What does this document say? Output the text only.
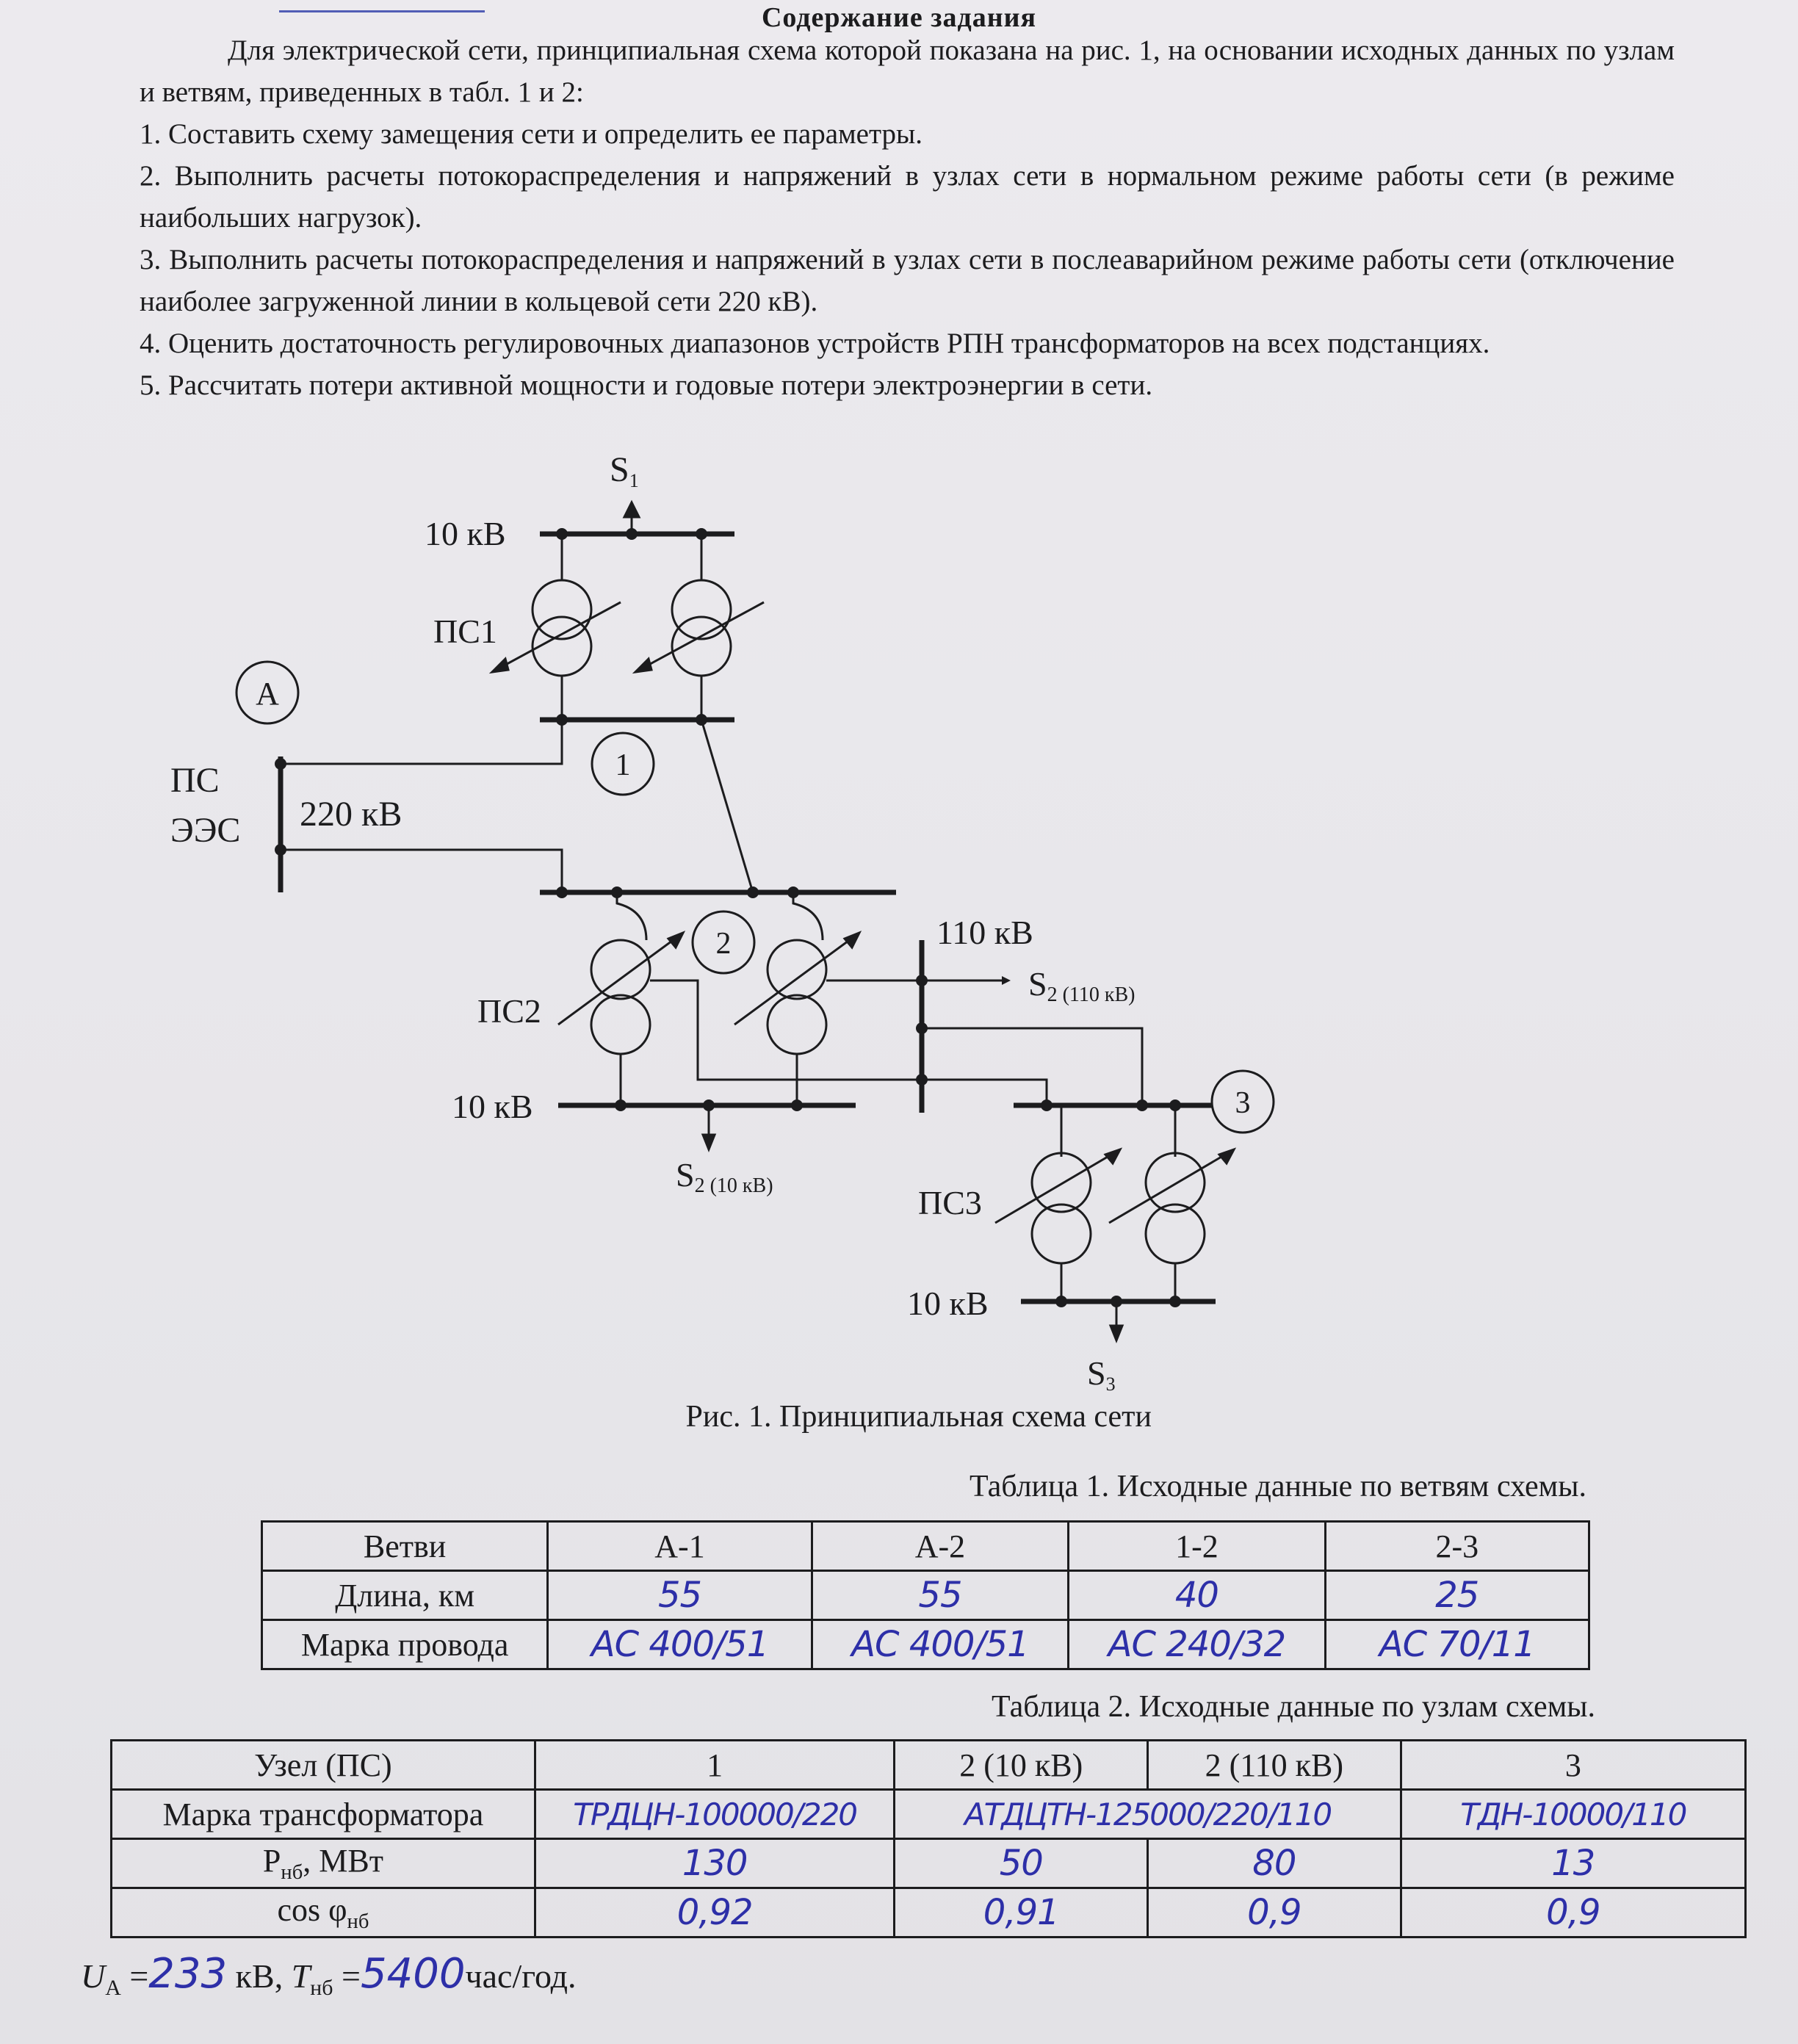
Содержание задания

Для электрической сети, принципиальная схема которой показана на рис. 1, на основании исходных данных по узлам и ветвям, приведенных в табл. 1 и 2:

1. Составить схему замещения сети и определить ее параметры.

2. Выполнить расчеты потокораспределения и напряжений в узлах сети в нормальном режиме работы сети (в режиме наибольших нагрузок).

3. Выполнить расчеты потокораспределения и напряжений в узлах сети в послеаварийном режиме работы сети (отключение наиболее загруженной линии в кольцевой сети 220 кВ).

4. Оценить достаточность регулировочных диапазонов устройств РПН трансформаторов на всех подстанциях.

5. Рассчитать потери активной мощности и годовые потери электроэнергии в сети.

S1
10 кВ
ПС1
А
1
2
3
ПС
ЭЭС 220 кВ
110 кВ
S2 (110 кВ)
ПС2
10 кВ
S2 (10 кВ)	ПС3
10 кВ
S3
Рис. 1. Принципиальная схема сети
Таблица 1. Исходные данные по ветвям схемы.
Ветви	А-1	А-2	1-2	2-3
Длина, км	55	55	40	25
Марка провода	АС 400/51	АС 400/51	АС 240/32	АС 70/11
Таблица 2. Исходные данные по узлам схемы.
Узел (ПС)	1	2 (10 кВ)	2 (110 кВ)	3
Марка трансформатора	ТРДЦН-100000/220	АТДЦТН-125000/220/110		ТДН-10000/110
$P_{нб}$, МВт	130	50	80	13
$\cos \varphi_{нб}$	0,92	0,91	0,9	0,9
$U_А =233$ кВ, $T_{нб} =5400час/год$.
